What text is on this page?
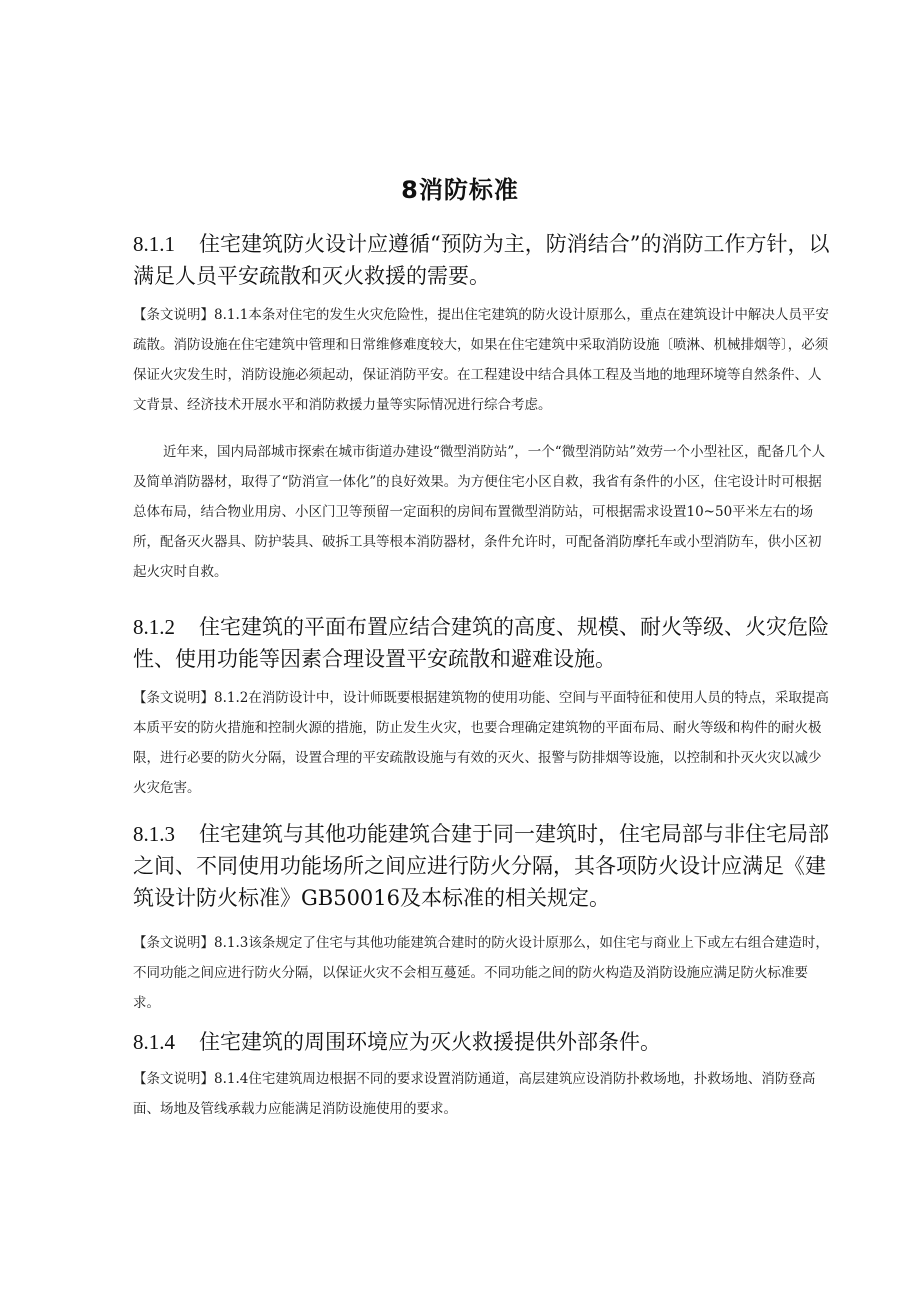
8消防标准
8.1.1 住宅建筑防火设计应遵循“预防为主，防消结合”的消防工作方针，以满足人员平安疏散和灭火救援的需要。
【条文说明】8.1.1本条对住宅的发生火灾危险性，提出住宅建筑的防火设计原那么，重点在建筑设计中解决人员平安疏散。消防设施在住宅建筑中管理和日常维修难度较大，如果在住宅建筑中采取消防设施〔喷淋、机械排烟等〕，必须保证火灾发生时，消防设施必须起动，保证消防平安。在工程建设中结合具体工程及当地的地理环境等自然条件、人文背景、经济技术开展水平和消防救援力量等实际情况进行综合考虑。
近年来，国内局部城市探索在城市街道办建设“微型消防站”，一个“微型消防站”效劳一个小型社区，配备几个人及简单消防器材，取得了“防消宣一体化”的良好效果。为方便住宅小区自救，我省有条件的小区，住宅设计时可根据总体布局，结合物业用房、小区门卫等预留一定面积的房间布置微型消防站，可根据需求设置10~50平米左右的场所，配备灭火器具、防护装具、破拆工具等根本消防器材，条件允许时，可配备消防摩托车或小型消防车，供小区初起火灾时自救。
8.1.2 住宅建筑的平面布置应结合建筑的高度、规模、耐火等级、火灾危险性、使用功能等因素合理设置平安疏散和避难设施。
【条文说明】8.1.2在消防设计中，设计师既要根据建筑物的使用功能、空间与平面特征和使用人员的特点，采取提高本质平安的防火措施和控制火源的措施，防止发生火灾，也要合理确定建筑物的平面布局、耐火等级和构件的耐火极限，进行必要的防火分隔，设置合理的平安疏散设施与有效的灭火、报警与防排烟等设施，以控制和扑灭火灾以减少火灾危害。
8.1.3 住宅建筑与其他功能建筑合建于同一建筑时，住宅局部与非住宅局部之间、不同使用功能场所之间应进行防火分隔，其各项防火设计应满足《建筑设计防火标准》GB50016及本标准的相关规定。
【条文说明】8.1.3该条规定了住宅与其他功能建筑合建时的防火设计原那么，如住宅与商业上下或左右组合建造时，不同功能之间应进行防火分隔，以保证火灾不会相互蔓延。不同功能之间的防火构造及消防设施应满足防火标准要求。
8.1.4 住宅建筑的周围环境应为灭火救援提供外部条件。
【条文说明】8.1.4住宅建筑周边根据不同的要求设置消防通道，高层建筑应设消防扑救场地，扑救场地、消防登高面、场地及管线承载力应能满足消防设施使用的要求。
